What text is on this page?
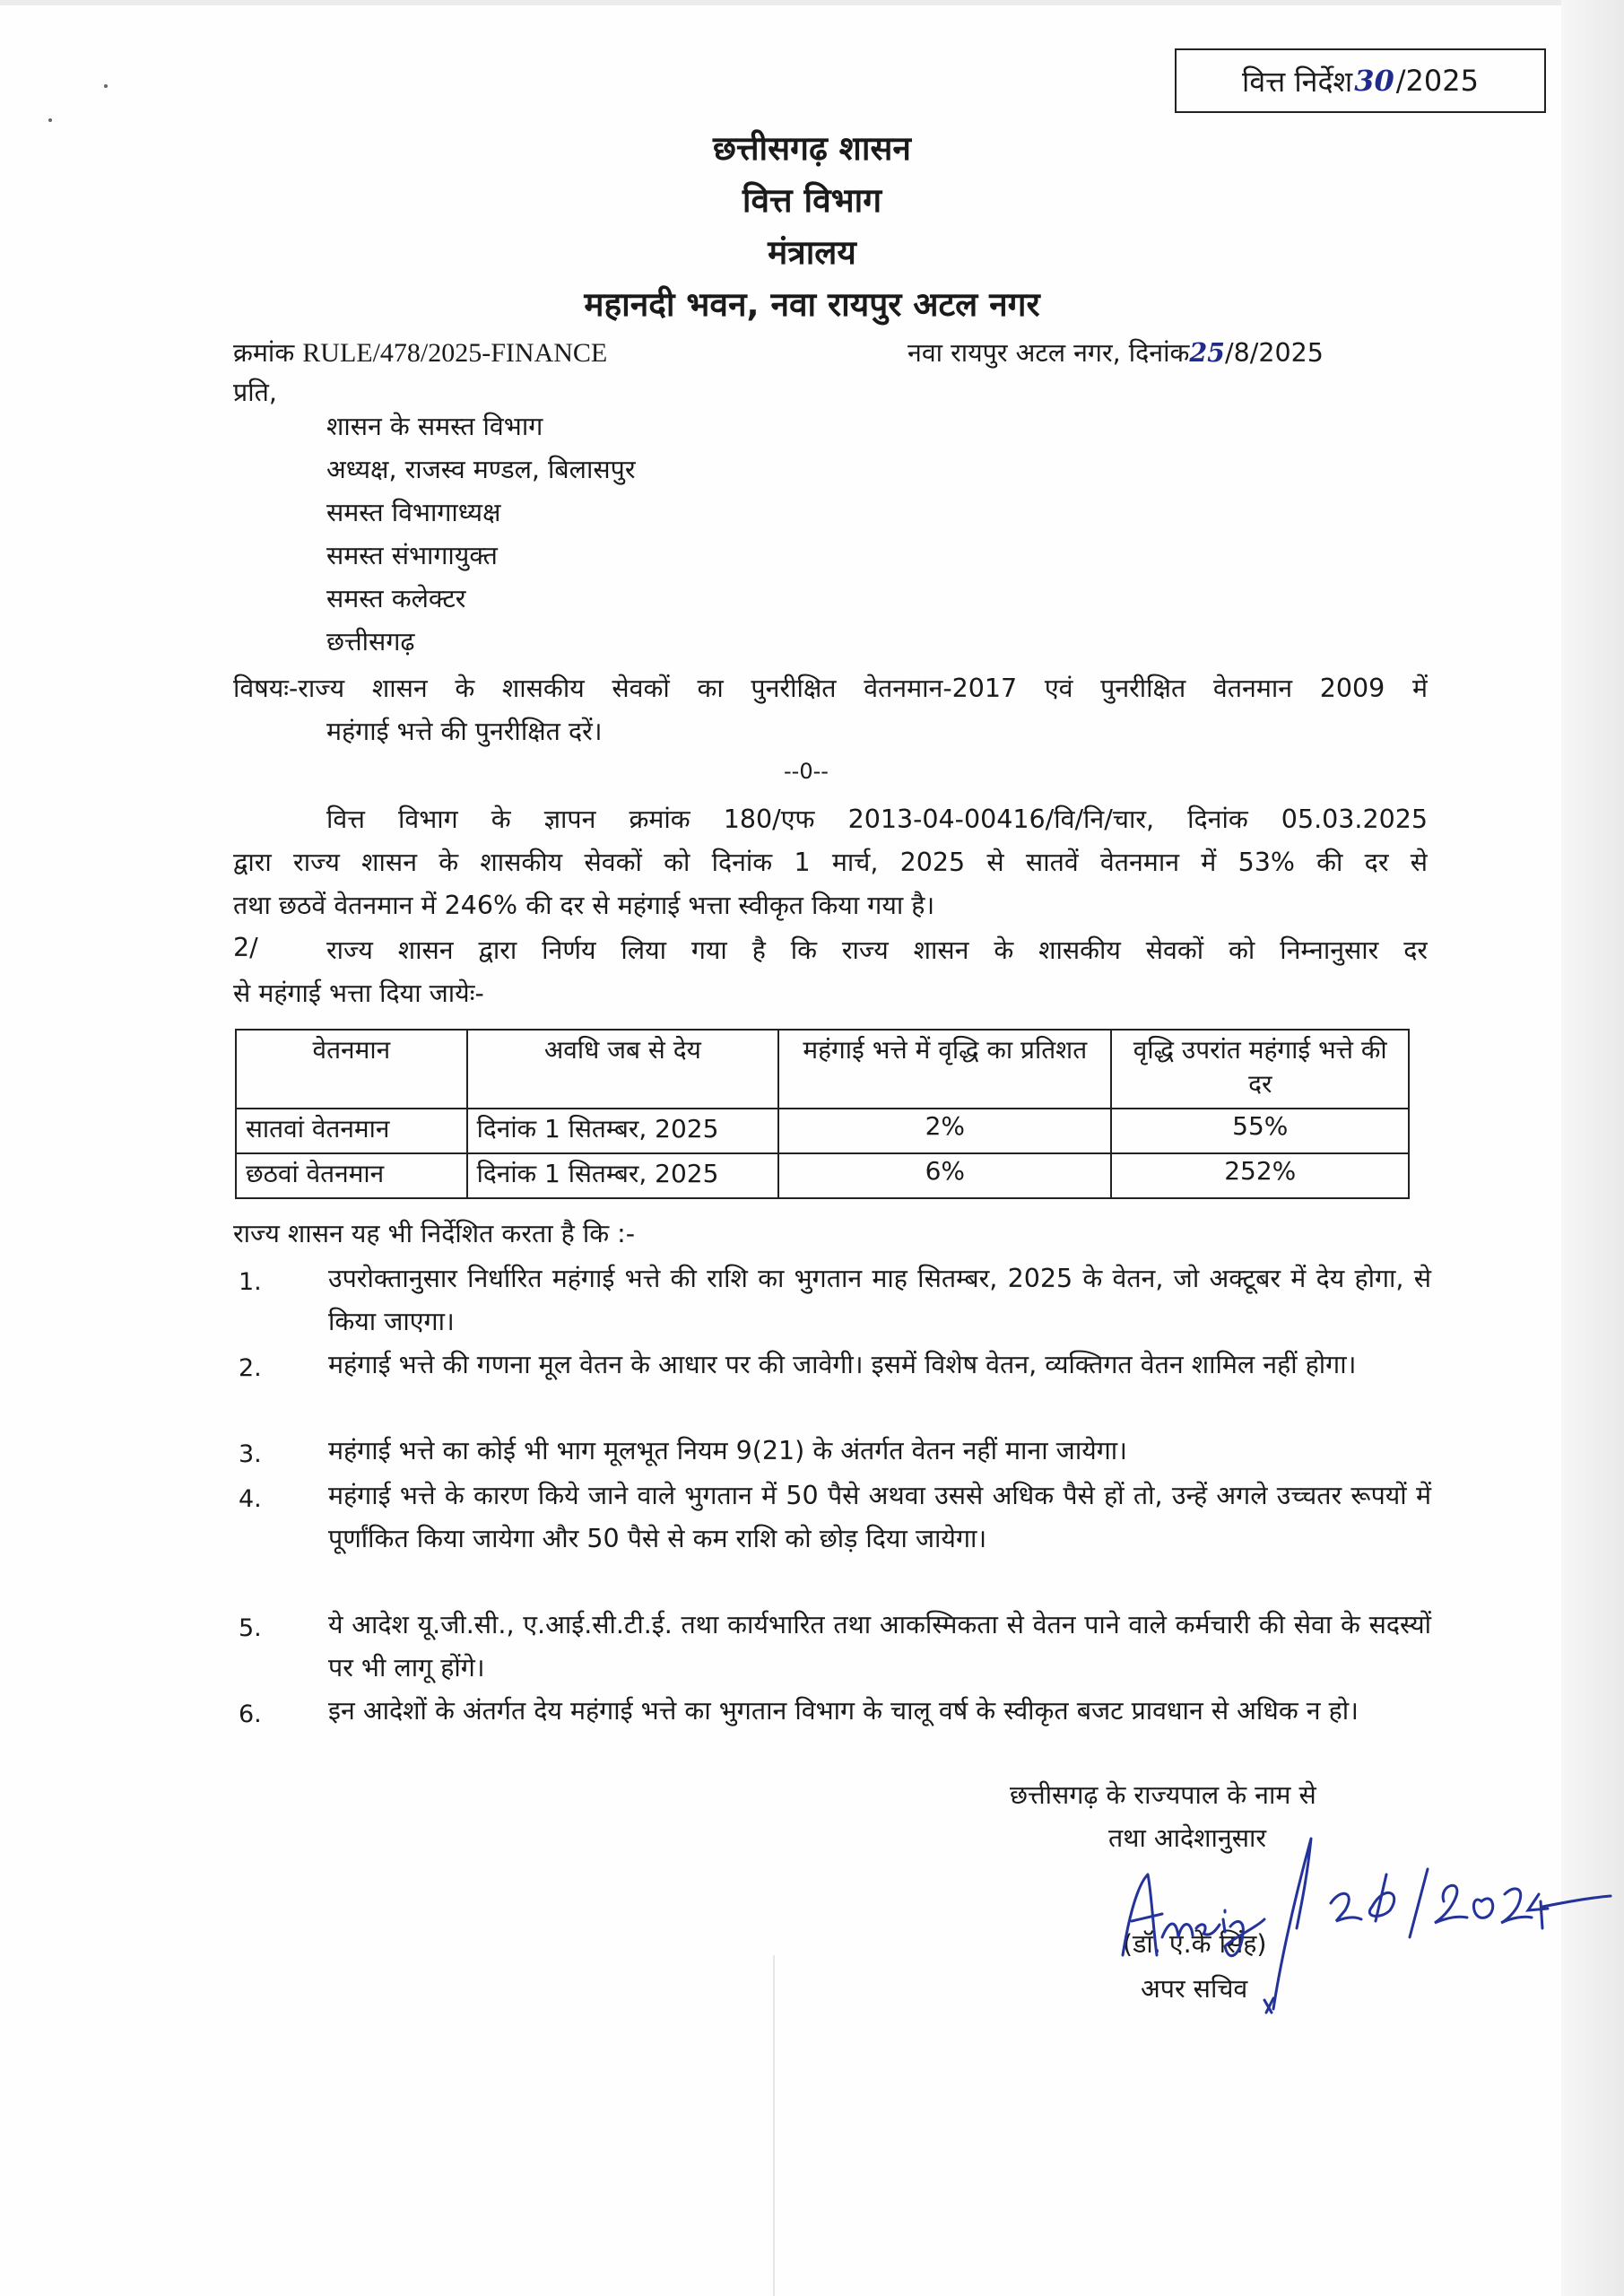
वित्त निर्देश 30 /2025
छत्तीसगढ़ शासन
वित्त विभाग
मंत्रालय
महानदी भवन, नवा रायपुर अटल नगर
क्रमांक RULE/478/2025-FINANCE	नवा रायपुर अटल नगर, दिनांक25/8/2025
प्रति,
शासन के समस्त विभाग
अध्यक्ष, राजस्व मण्डल, बिलासपुर
समस्त विभागाध्यक्ष
समस्त संभागायुक्त
समस्त कलेक्टर
छत्तीसगढ़
विषयः-राज्य शासन के शासकीय सेवकों का पुनरीक्षित वेतनमान-2017 एवं पुनरीक्षित वेतनमान 2009 में
महंगाई भत्ते की पुनरीक्षित दरें।
--0--
वित्त विभाग के ज्ञापन क्रमांक 180/एफ 2013-04-00416/वि/नि/चार, दिनांक 05.03.2025
द्वारा राज्य शासन के शासकीय सेवकों को दिनांक 1 मार्च, 2025 से सातवें वेतनमान में 53% की दर से
तथा छठवें वेतनमान में 246% की दर से महंगाई भत्ता स्वीकृत किया गया है।
2/	राज्य शासन द्वारा निर्णय लिया गया है कि राज्य शासन के शासकीय सेवकों को निम्नानुसार दर
से महंगाई भत्ता दिया जायेः-
वेतनमान	अवधि जब से देय	महंगाई भत्ते में वृद्धि का प्रतिशत	वृद्धि उपरांत महंगाई भत्ते की दर
सातवां वेतनमान	दिनांक 1 सितम्बर, 2025	2%	55%
छठवां वेतनमान	दिनांक 1 सितम्बर, 2025	6%	252%
राज्य शासन यह भी निर्देशित करता है कि :-
1.	उपरोक्तानुसार निर्धारित महंगाई भत्ते की राशि का भुगतान माह सितम्बर, 2025 के वेतन, जो अक्टूबर में देय होगा, से किया जाएगा।
2.	महंगाई भत्ते की गणना मूल वेतन के आधार पर की जावेगी। इसमें विशेष वेतन, व्यक्तिगत वेतन शामिल नहीं होगा।
3.	महंगाई भत्ते का कोई भी भाग मूलभूत नियम 9(21) के अंतर्गत वेतन नहीं माना जायेगा।
4.	महंगाई भत्ते के कारण किये जाने वाले भुगतान में 50 पैसे अथवा उससे अधिक पैसे हों तो, उन्हें अगले उच्चतर रूपयों में पूर्णांकित किया जायेगा और 50 पैसे से कम राशि को छोड़ दिया जायेगा।
5.	ये आदेश यू.जी.सी., ए.आई.सी.टी.ई. तथा कार्यभारित तथा आकस्मिकता से वेतन पाने वाले कर्मचारी की सेवा के सदस्यों पर भी लागू होंगे।
6.	इन आदेशों के अंतर्गत देय महंगाई भत्ते का भुगतान विभाग के चालू वर्ष के स्वीकृत बजट प्रावधान से अधिक न हो।
छत्तीसगढ़ के राज्यपाल के नाम से
तथा आदेशानुसार
(डॉ. ए.के सिंह)
अपर सचिव
